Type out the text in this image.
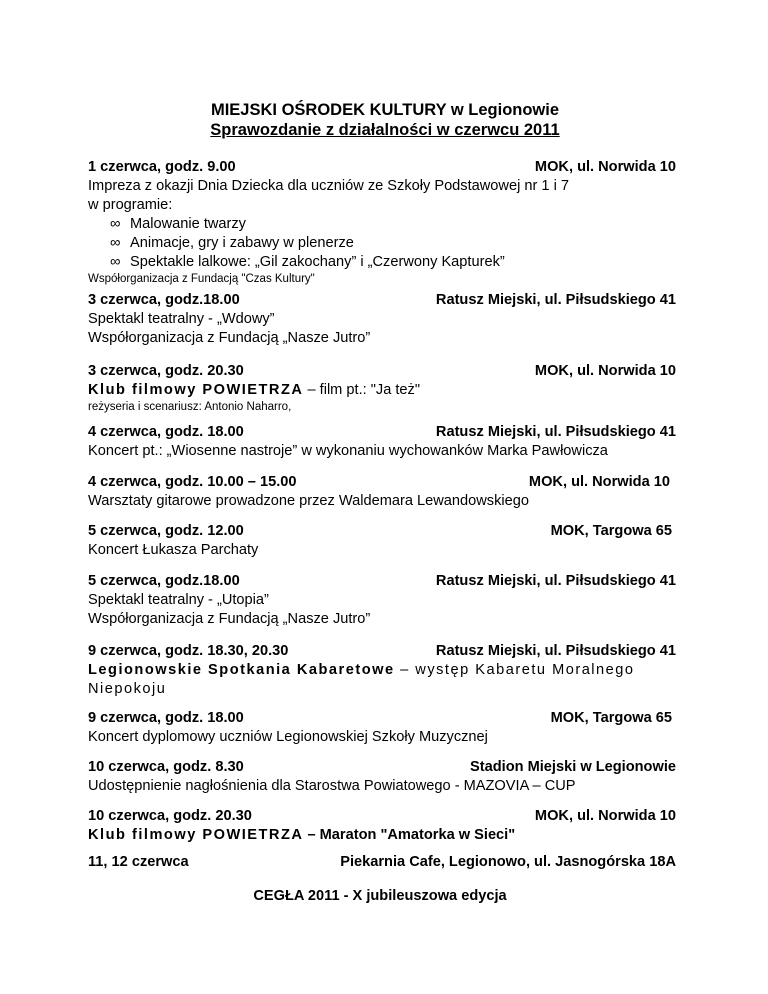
MIEJSKI OŚRODEK KULTURY w Legionowie
Sprawozdanie z działalności w czerwcu 2011
1 czerwca, godz. 9.00	MOK, ul. Norwida 10
Impreza z okazji Dnia Dziecka dla uczniów ze Szkoły Podstawowej nr 1 i 7
w programie:
∞ Malowanie twarzy
∞ Animacje, gry i zabawy w plenerze
∞ Spektakle lalkowe: „Gil zakochany” i „Czerwony Kapturek”
Współorganizacja z Fundacją "Czas Kultury"
3 czerwca, godz.18.00	Ratusz Miejski, ul. Piłsudskiego 41
Spektakl teatralny - „Wdowy”
Współorganizacja z Fundacją „Nasze Jutro”
3 czerwca, godz. 20.30	MOK, ul. Norwida 10
Klub filmowy POWIETRZA – film pt.: "Ja też"
reżyseria i scenariusz: Antonio Naharro,
4 czerwca, godz. 18.00	Ratusz Miejski, ul. Piłsudskiego 41
Koncert pt.: „Wiosenne nastroje” w wykonaniu wychowanków Marka Pawłowicza
4 czerwca, godz. 10.00 – 15.00	MOK, ul. Norwida 10
Warsztaty gitarowe prowadzone przez Waldemara Lewandowskiego
5 czerwca, godz. 12.00	MOK, Targowa 65
Koncert Łukasza Parchaty
5 czerwca, godz.18.00	Ratusz Miejski, ul. Piłsudskiego 41
Spektakl teatralny - „Utopia”
Współorganizacja z Fundacją „Nasze Jutro”
9 czerwca, godz. 18.30, 20.30	Ratusz Miejski, ul. Piłsudskiego 41
Legionowskie Spotkania Kabaretowe – występ Kabaretu Moralnego Niepokoju
9 czerwca, godz. 18.00	MOK, Targowa 65
Koncert dyplomowy uczniów Legionowskiej Szkoły Muzycznej
10 czerwca, godz. 8.30	Stadion Miejski w Legionowie
Udostępnienie nagłośnienia dla Starostwa Powiatowego - MAZOVIA – CUP
10 czerwca, godz. 20.30	MOK, ul. Norwida 10
Klub filmowy POWIETRZA – Maraton "Amatorka w Sieci"
11, 12 czerwca	Piekarnia Cafe, Legionowo, ul. Jasnogórska 18A
CEGŁA 2011 - X jubileuszowa edycja
